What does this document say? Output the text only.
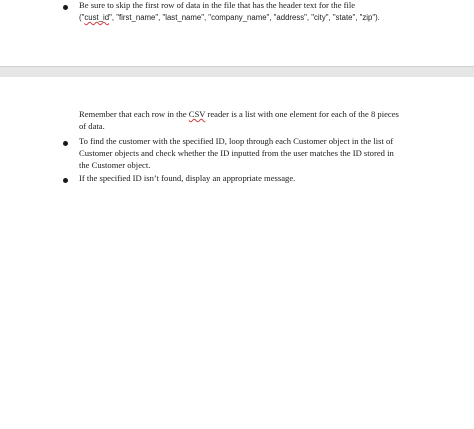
Be sure to skip the first row of data in the file that has the header text for the file
("cust_id", "first_name", "last_name", "company_name", "address", "city", "state", "zip").
Remember that each row in the CSV reader is a list with one element for each of the 8 pieces of data.
To find the customer with the specified ID, loop through each Customer object in the list of Customer objects and check whether the ID inputted from the user matches the ID stored in the Customer object.
If the specified ID isn’t found, display an appropriate message.
